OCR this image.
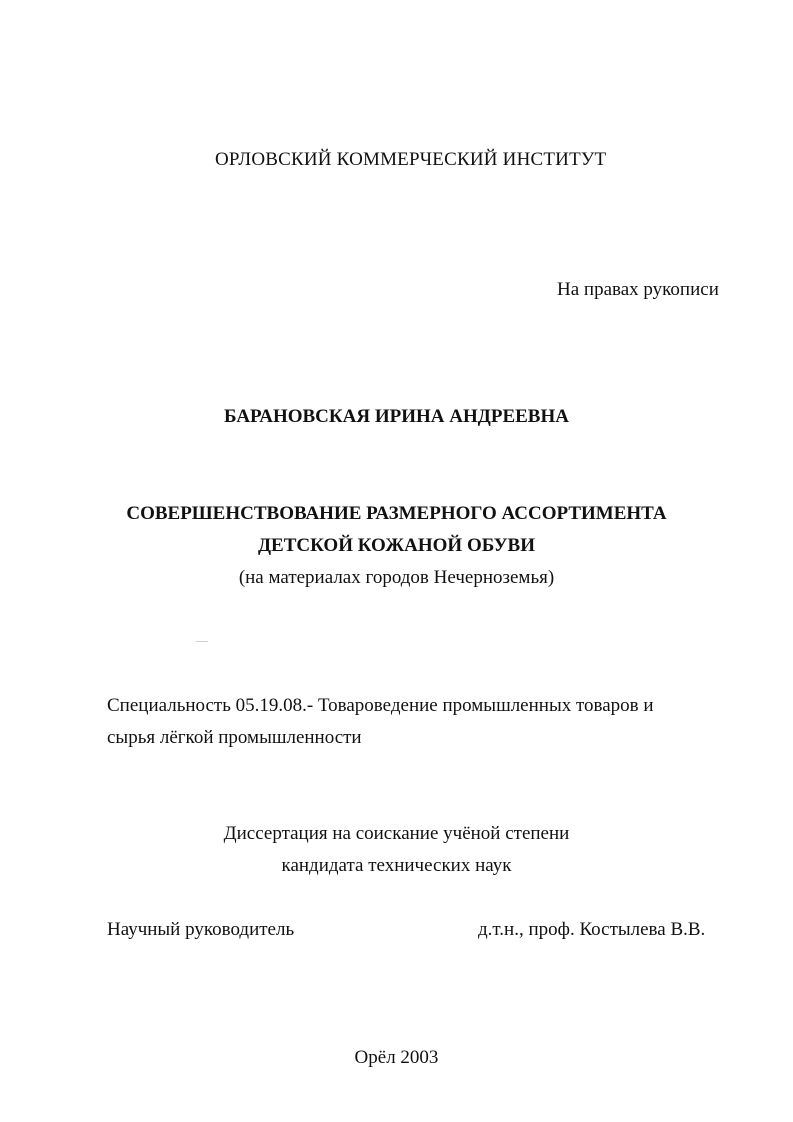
ОРЛОВСКИЙ КОММЕРЧЕСКИЙ ИНСТИТУТ
На правах рукописи
БАРАНОВСКАЯ ИРИНА АНДРЕЕВНА
СОВЕРШЕНСТВОВАНИЕ РАЗМЕРНОГО АССОРТИМЕНТА
ДЕТСКОЙ КОЖАНОЙ ОБУВИ
(на материалах городов Нечерноземья)
Специальность 05.19.08.- Товароведение промышленных товаров и
сырья лёгкой промышленности
Диссертация на соискание учёной степени
кандидата технических наук
Научный руководитель	д.т.н., проф. Костылева В.В.
Орёл 2003
